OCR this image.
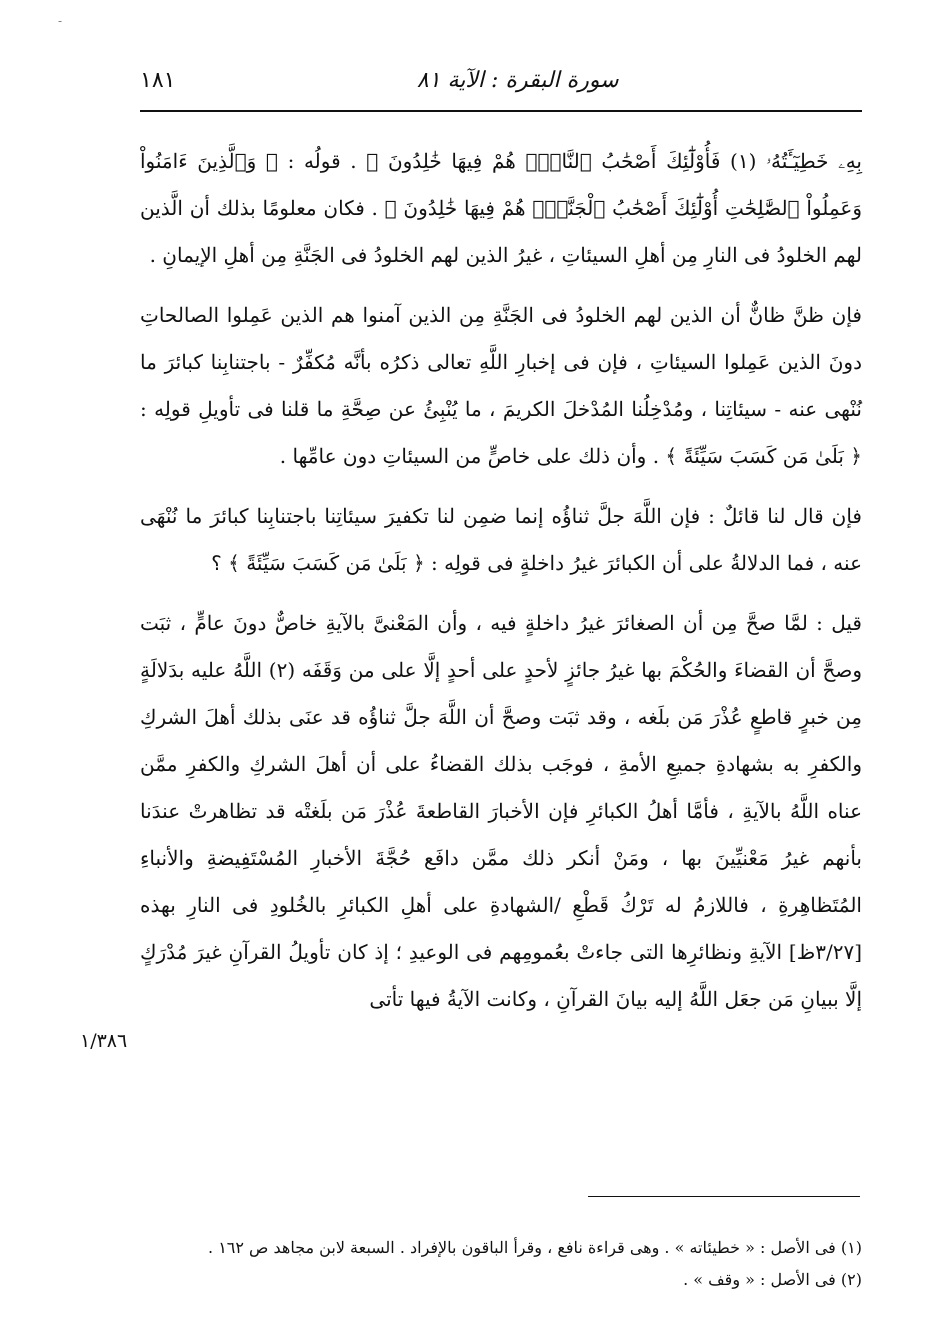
-
سورة البقرة : الآية ٨١
١٨١

بِهِۦ خَطِيٓـَٔتُهُۥ (١) فَأُوْلَٰٓئِكَ أَصْحَٰبُ ٱلنَّارِۖ هُمْ فِيهَا خَٰلِدُونَ ﴾ . قولُه : ﴿ وَٱلَّذِينَ ءَامَنُواْ وَعَمِلُواْ ٱلصَّٰلِحَٰتِ أُوْلَٰٓئِكَ أَصْحَٰبُ ٱلْجَنَّةِۖ هُمْ فِيهَا خَٰلِدُونَ ﴾ . فكان معلومًا بذلك أن الَّذين لهم الخلودُ فى النارِ مِن أهلِ السيئاتِ ، غيرُ الذين لهم الخلودُ فى الجَنَّةِ مِن أهلِ الإيمانِ .

فإن ظنَّ ظانٌّ أن الذين لهم الخلودُ فى الجَنَّةِ مِن الذين آمنوا هم الذين عَمِلوا الصالحاتِ دونَ الذين عَمِلوا السيئاتِ ، فإن فى إخبارِ اللَّهِ تعالى ذكرُه بأنَّه مُكفِّرٌ - باجتنابِنا كبائرَ ما نُنْهى عنه - سيئاتِنا ، ومُدْخِلُنا المُدْخلَ الكريمَ ، ما يُنْبِئُ عن صِحَّةِ ما قلنا فى تأويلِ قولِه : ﴿ بَلَىٰ مَن كَسَبَ سَيِّئَةً ﴾ . وأن ذلك على خاصٍّ من السيئاتِ دون عامِّها .

فإن قال لنا قائلٌ : فإن اللَّهَ جلَّ ثناؤُه إنما ضمِن لنا تكفيرَ سيئاتِنا باجتنابِنا كبائرَ ما نُنْهَى عنه ، فما الدلالةُ على أن الكبائرَ غيرُ داخلةٍ فى قولِه : ﴿ بَلَىٰ مَن كَسَبَ سَيِّئَةً ﴾ ؟

قيل : لمَّا صحَّ مِن أن الصغائرَ غيرُ داخلةٍ فيه ، وأن المَعْنىَّ بالآيةِ خاصٌّ دونَ عامٍّ ، ثبَت وصحَّ أن القضاءَ والحُكْمَ بها غيرُ جائزٍ لأحدٍ على أحدٍ إلَّا على من وَقَفَه (٢) اللَّهُ عليه بدَلالَةٍ مِن خبرٍ قاطعٍ عُذْرَ مَن بلَغه ، وقد ثبَت وصحَّ أن اللَّهَ جلَّ ثناؤُه قد عنَى بذلك أهلَ الشركِ والكفرِ به بشهادةِ جميعِ الأمةِ ، فوجَب بذلك القضاءُ على أن أهلَ الشركِ والكفرِ ممَّن عناه اللَّهُ بالآيةِ ، فأمَّا أهلُ الكبائرِ فإن الأخبارَ القاطعةَ عُذْرَ مَن بلَغتْه قد تظاهرتْ عندَنا بأنهم غيرُ مَعْنيِّينَ بها ، ومَنْ أنكر ذلك ممَّن دافَع حُجَّةَ الأخبارِ المُسْتَفِيضةِ والأنباءِ المُتَظاهِرةِ ، فاللازمُ له تَرْكُ قَطْعِ /الشهادةِ على أهلِ الكبائرِ بالخُلودِ فى النارِ بهذه [٣/٢٧ظ] الآيةِ ونظائرِها التى جاءتْ بعُمومِهم فى الوعيدِ ؛ إذ كان تأويلُ القرآنِ غيرَ مُدْرَكٍ إلَّا ببيانِ مَن جعَل اللَّهُ إليه بيانَ القرآنِ ، وكانت الآيةُ فيها تأتى

١/٣٨٦

(١) فى الأصل : « خطيئاته » . وهى قراءة نافع ، وقرأ الباقون بالإفراد . السبعة لابن مجاهد ص ١٦٢ .

(٢) فى الأصل : « وقف » .
